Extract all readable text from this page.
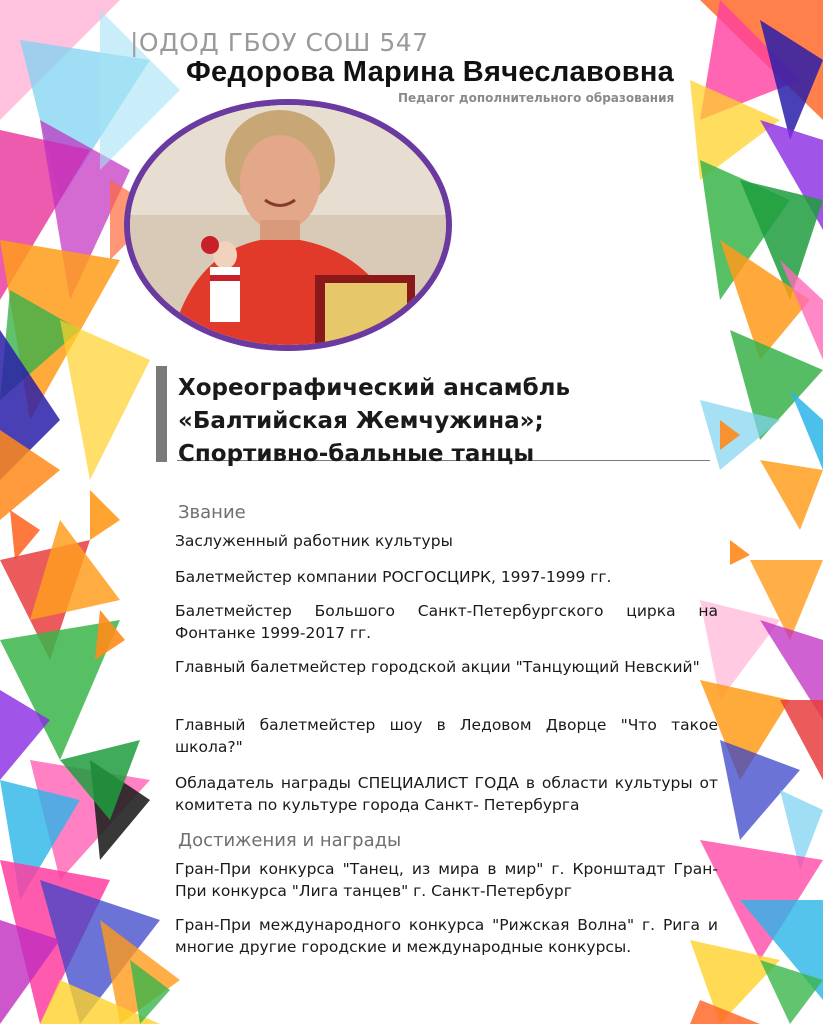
|ОДОД ГБОУ СОШ 547
Федорова Марина Вячеславовна
Педагог дополнительного образования
Хореографический ансамбль
«Балтийская Жемчужина»;
Спортивно-бальные танцы
Звание
Заслуженный работник культуры
Балетмейстер компании РОСГОСЦИРК, 1997-1999 гг.
Балетмейстер Большого Санкт-Петербургского цирка на Фонтанке 1999-2017 гг.
Главный балетмейстер городской акции "Танцующий Невский"
Главный балетмейстер шоу в Ледовом Дворце "Что такое школа?"
Обладатель награды СПЕЦИАЛИСТ ГОДА в области культуры от комитета по культуре города Санкт- Петербурга
Достижения и награды
Гран-При конкурса "Танец, из мира в мир" г. Кронштадт Гран-При конкурса "Лига танцев" г. Санкт-Петербург
Гран-При международного конкурса "Рижская Волна" г. Рига и многие другие городские и международные конкурсы.
